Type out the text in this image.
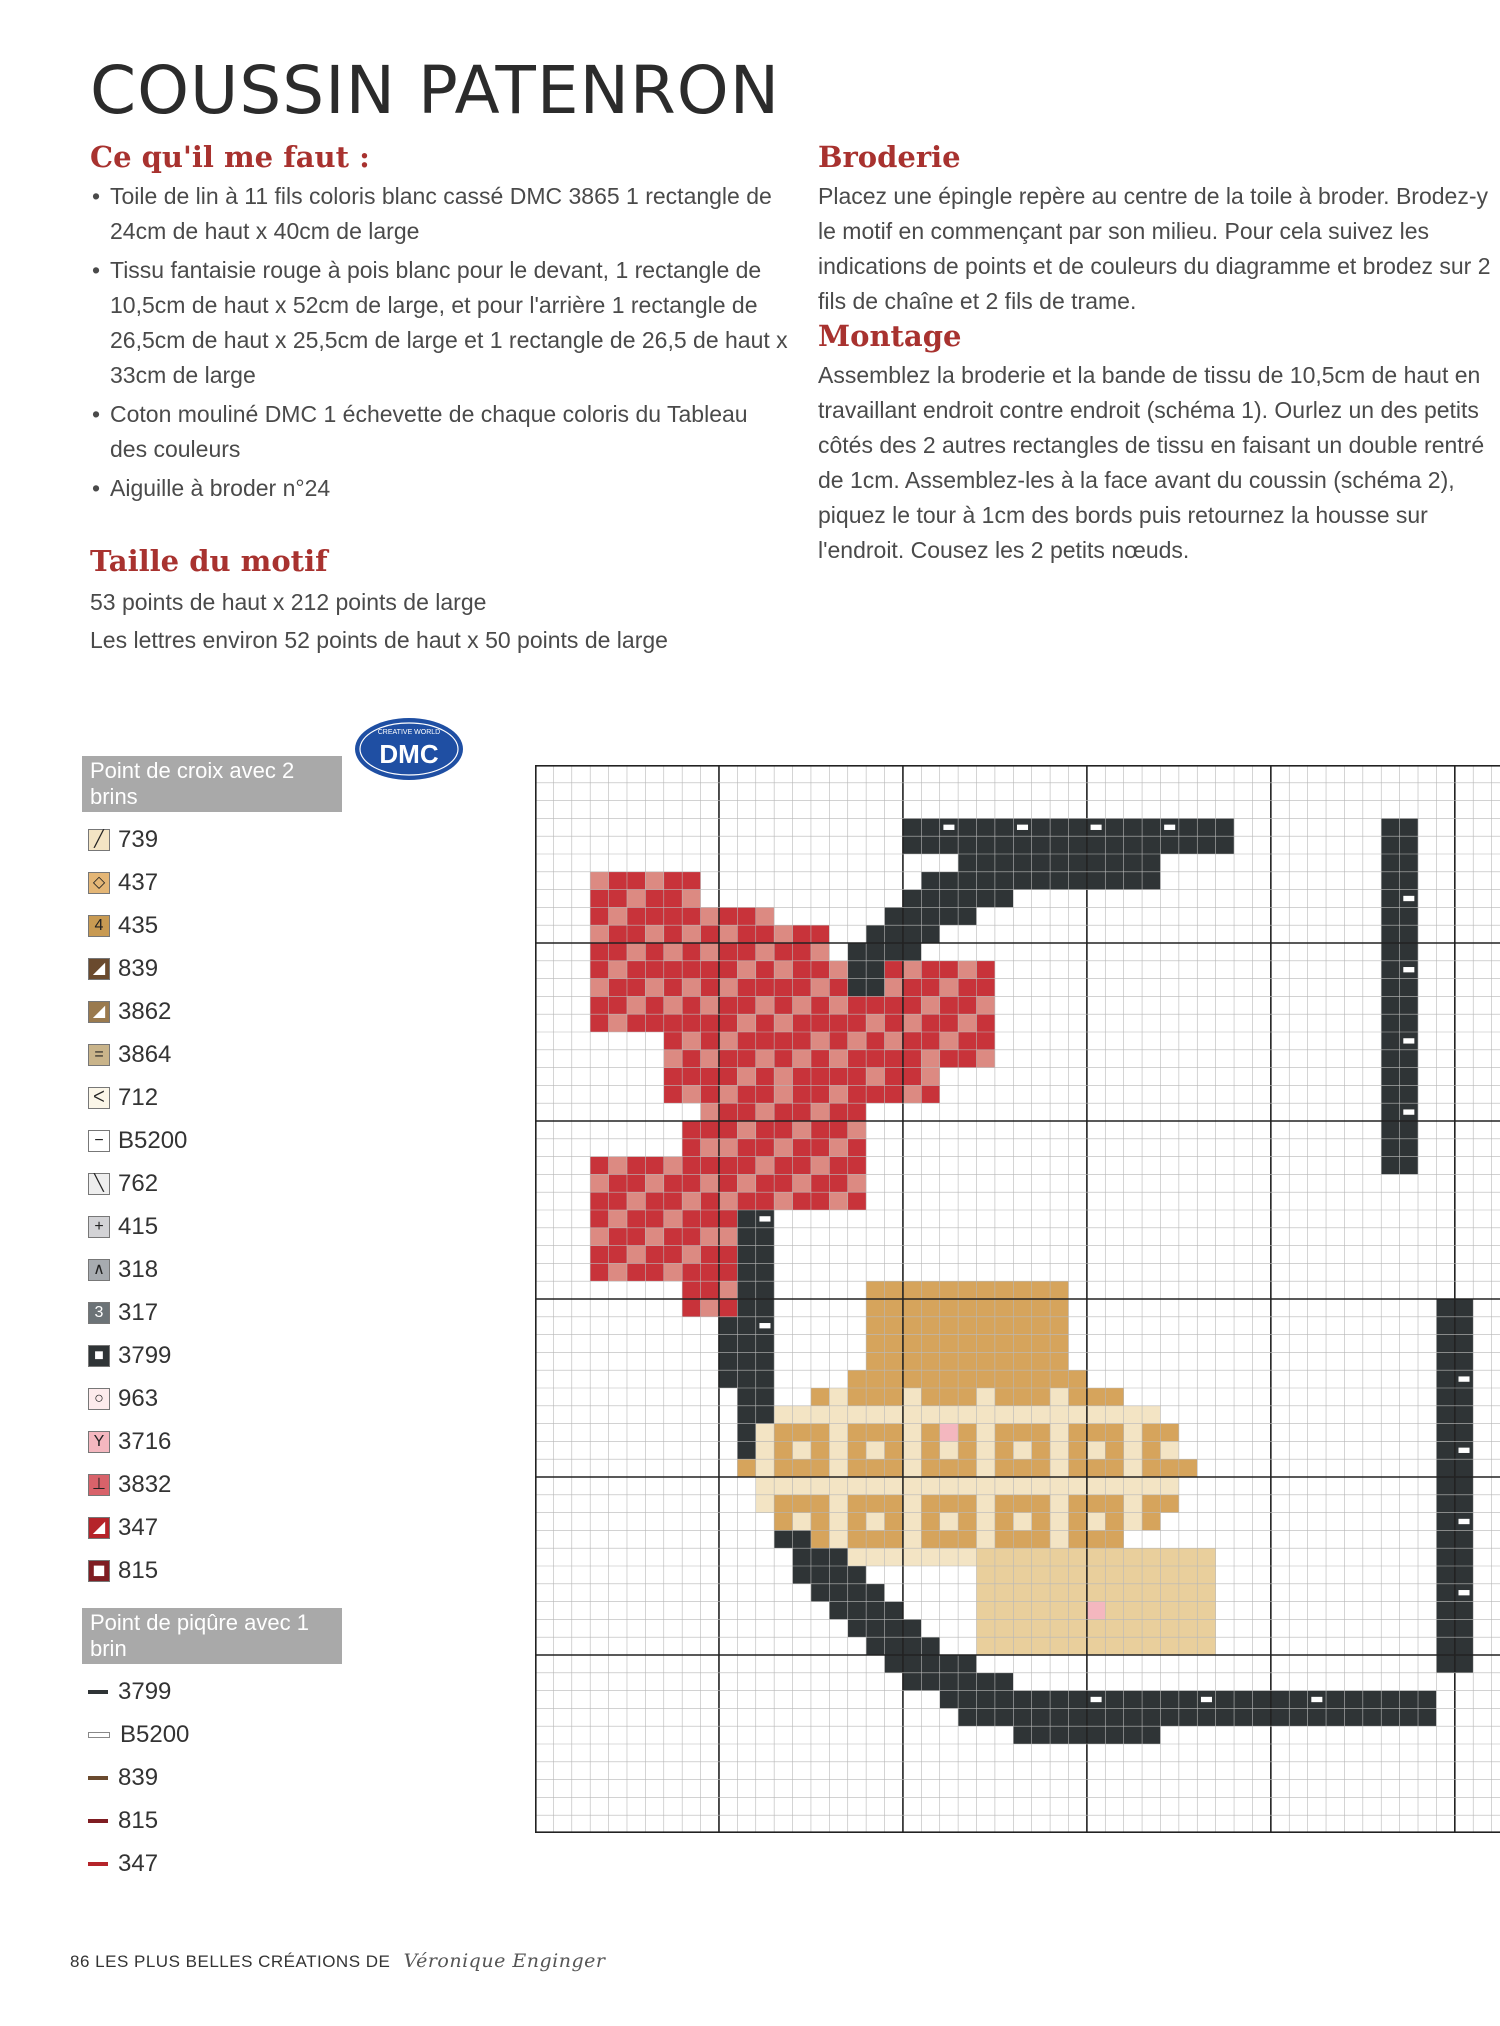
COUSSIN PATENRON
Ce qu'il me faut :
• Toile de lin à 11 fils coloris blanc cassé DMC 3865 1 rectangle de 24cm de haut x 40cm de large
• Tissu fantaisie rouge à pois blanc pour le devant, 1 rectangle de 10,5cm de haut x 52cm de large, et pour l'arrière 1 rectangle de 26,5cm de haut x 25,5cm de large et 1 rectangle de 26,5 de haut x 33cm de large
• Coton mouliné DMC 1 échevette de chaque coloris du Tableau des couleurs
• Aiguille à broder n°24
Taille du motif
53 points de haut x 212 points de large
Les lettres environ 52 points de haut x 50 points de large
Broderie

Placez une épingle repère au centre de la toile à broder. Brodez-y le motif en commençant par son milieu. Pour cela suivez les indications de points et de couleurs du diagramme et brodez sur 2 fils de chaîne et 2 fils de trame.

Montage

Assemblez la broderie et la bande de tissu de 10,5cm de haut en travaillant endroit contre endroit (schéma 1). Ourlez un des petits côtés des 2 autres rectangles de tissu en faisant un double rentré de 1cm. Assemblez-les à la face avant du coussin (schéma 2), piquez le tour à 1cm des bords puis retournez la housse sur l'endroit. Cousez les 2 petits nœuds.

CREATIVE WORLD
DMC
Point de croix avec 2 brins
╱ 739
◇ 437
4 435
◢ 839
◢ 3862
= 3864
ᐸ 712
− B5200
╲ 762
+ 415
∧ 318
3 317
■ 3799
○ 963
Y 3716
⊥ 3832
◢ 347
◼ 815
Point de piqûre avec 1 brin
3799
B5200
839
815
347
86 LES PLUS BELLES CRÉATIONS DE Véronique Enginger
